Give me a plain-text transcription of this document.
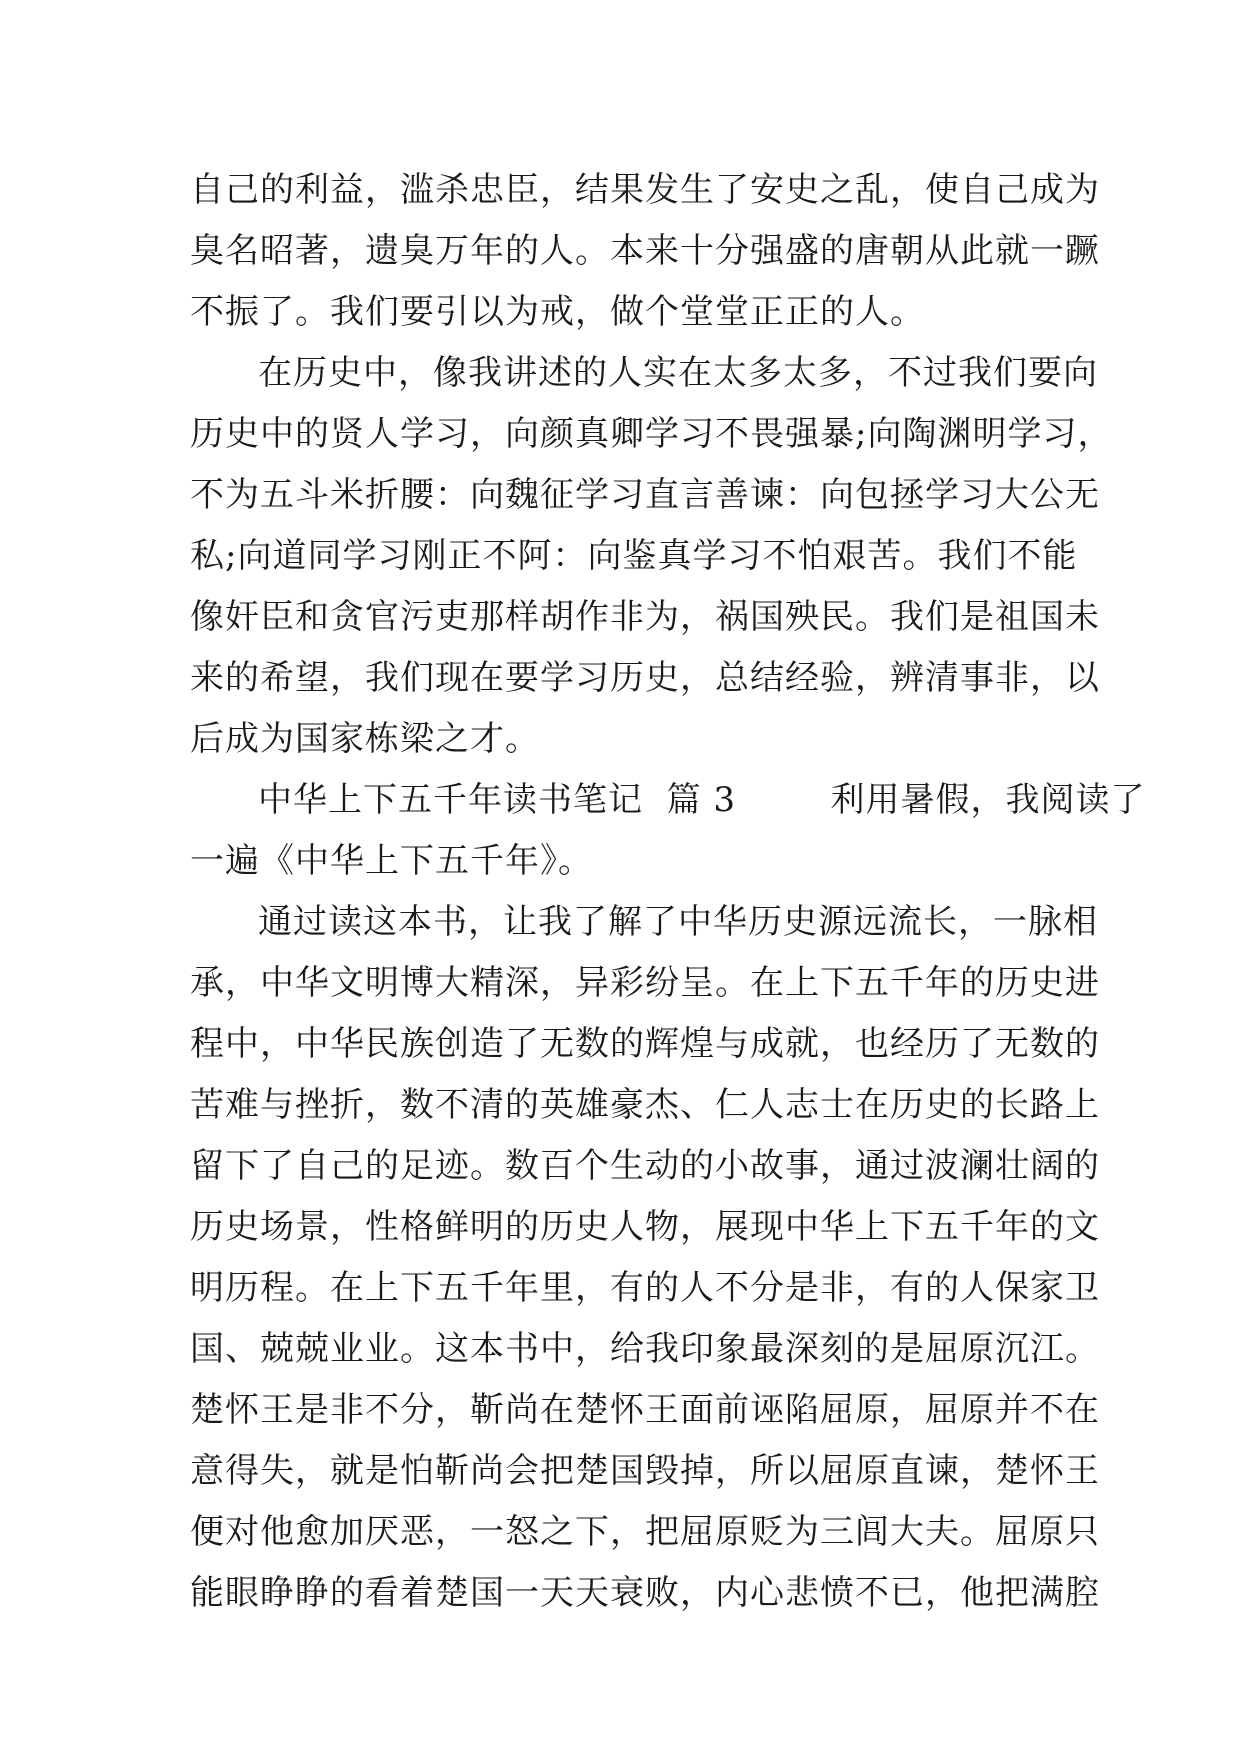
自己的利益，滥杀忠臣，结果发生了安史之乱，使自己成为
臭名昭著，遗臭万年的人。本来十分强盛的唐朝从此就一蹶
不振了。我们要引以为戒，做个堂堂正正的人。
在历史中，像我讲述的人实在太多太多，不过我们要向
历史中的贤人学习，向颜真卿学习不畏强暴;向陶渊明学习，
不为五斗米折腰：向魏征学习直言善谏：向包拯学习大公无
私;向道同学习刚正不阿：向鉴真学习不怕艰苦。我们不能
像奸臣和贪官污吏那样胡作非为，祸国殃民。我们是祖国未
来的希望，我们现在要学习历史，总结经验，辨清事非，以
后成为国家栋梁之才。
中华上下五千年读书笔记  篇 3        利用暑假，我阅读了
一遍《中华上下五千年》。
通过读这本书，让我了解了中华历史源远流长，一脉相
承，中华文明博大精深，异彩纷呈。在上下五千年的历史进
程中，中华民族创造了无数的辉煌与成就，也经历了无数的
苦难与挫折，数不清的英雄豪杰、仁人志士在历史的长路上
留下了自己的足迹。数百个生动的小故事，通过波澜壮阔的
历史场景，性格鲜明的历史人物，展现中华上下五千年的文
明历程。在上下五千年里，有的人不分是非，有的人保家卫
国、兢兢业业。这本书中，给我印象最深刻的是屈原沉江。
楚怀王是非不分，靳尚在楚怀王面前诬陷屈原，屈原并不在
意得失，就是怕靳尚会把楚国毁掉，所以屈原直谏，楚怀王
便对他愈加厌恶，一怒之下，把屈原贬为三闾大夫。屈原只
能眼睁睁的看着楚国一天天衰败，内心悲愤不已，他把满腔
